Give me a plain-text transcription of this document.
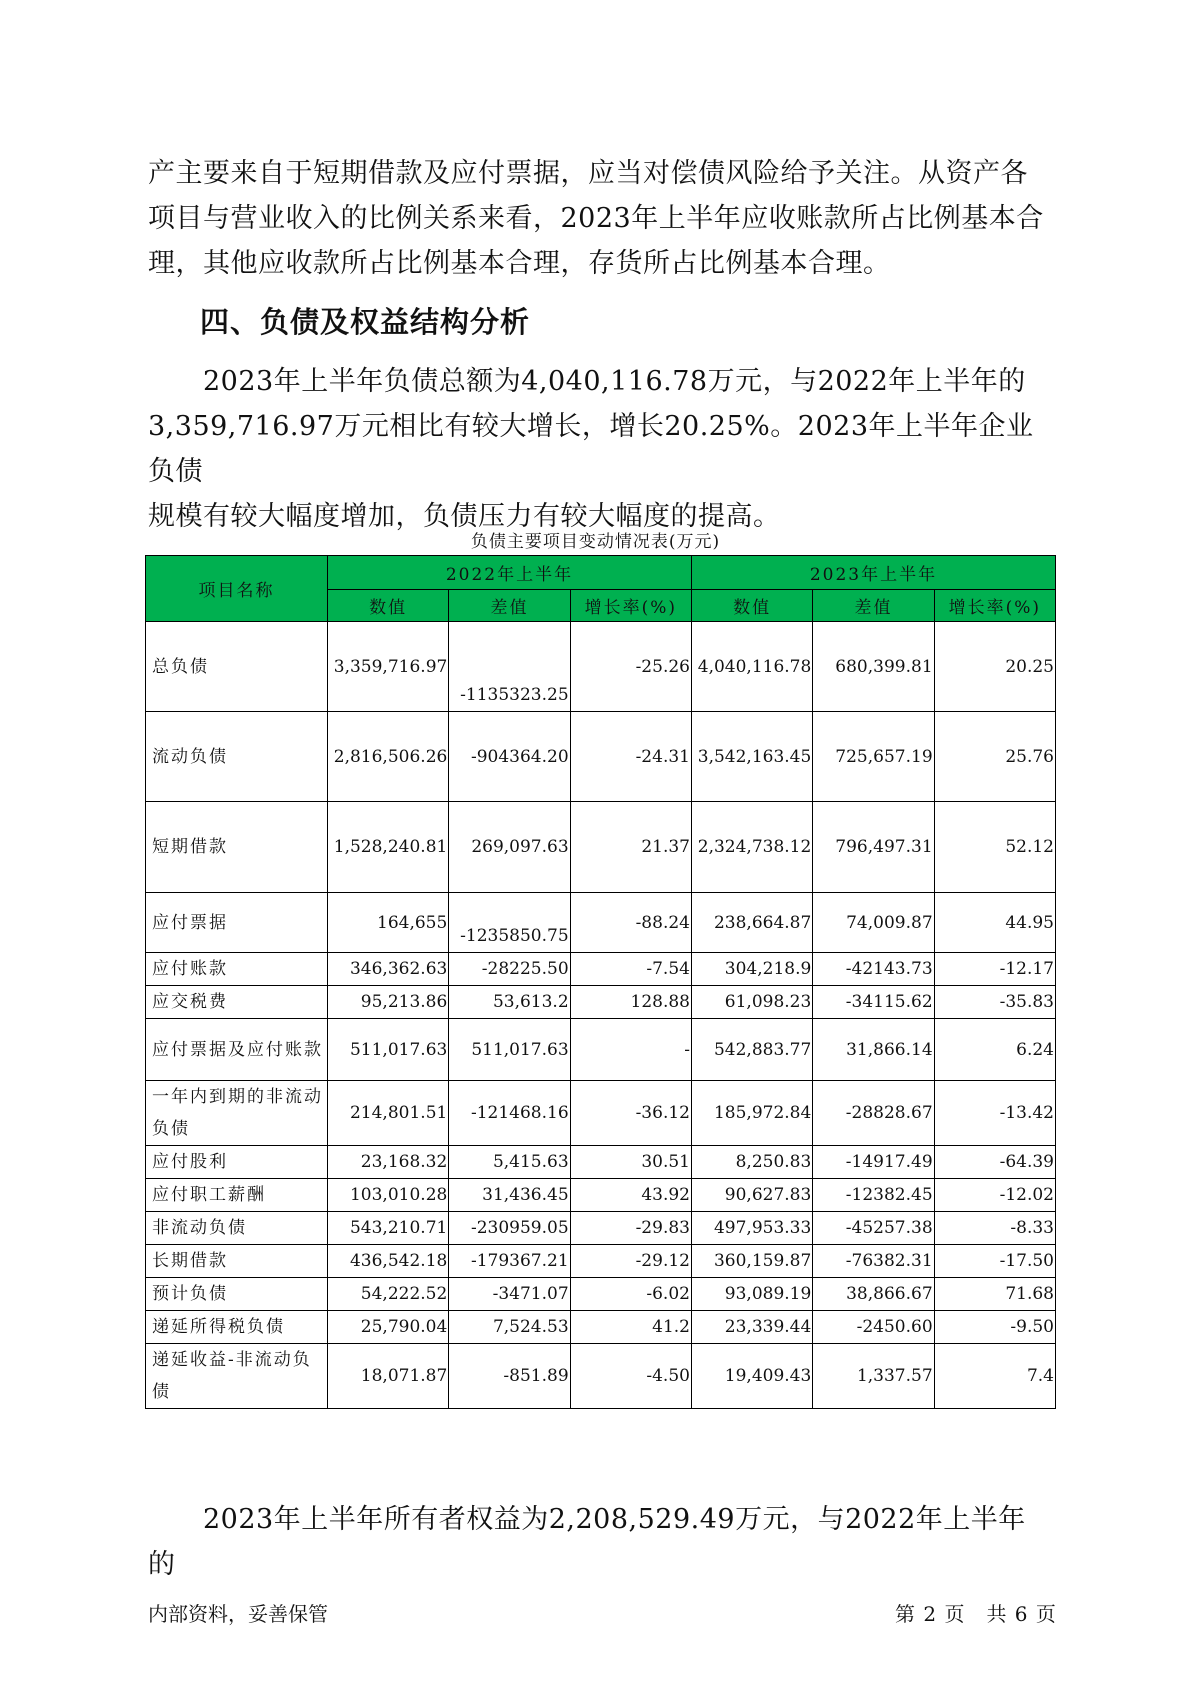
产主要来自于短期借款及应付票据，应当对偿债风险给予关注。从资产各

项目与营业收入的比例关系来看，2023年上半年应收账款所占比例基本合

理，其他应收款所占比例基本合理，存货所占比例基本合理。

四、负债及权益结构分析

　　2023年上半年负债总额为4,040,116.78万元，与2022年上半年的

3,359,716.97万元相比有较大增长，增长20.25%。2023年上半年企业负债

规模有较大幅度增加，负债压力有较大幅度的提高。

负债主要项目变动情况表(万元)
项目名称	2022年上半年			2023年上半年		
	数值	差值	增长率(%)	数值	差值	增长率(%)
总负债	3,359,716.97	-1135323.25	-25.26	4,040,116.78	680,399.81	20.25
流动负债	2,816,506.26	-904364.20	-24.31	3,542,163.45	725,657.19	25.76
短期借款	1,528,240.81	269,097.63	21.37	2,324,738.12	796,497.31	52.12
应付票据	164,655	-1235850.75	-88.24	238,664.87	74,009.87	44.95
应付账款	346,362.63	-28225.50	-7.54	304,218.9	-42143.73	-12.17
应交税费	95,213.86	53,613.2	128.88	61,098.23	-34115.62	-35.83
应付票据及应付账款	511,017.63	511,017.63	-	542,883.77	31,866.14	6.24
一年内到期的非流动负债	214,801.51	-121468.16	-36.12	185,972.84	-28828.67	-13.42
应付股利	23,168.32	5,415.63	30.51	8,250.83	-14917.49	-64.39
应付职工薪酬	103,010.28	31,436.45	43.92	90,627.83	-12382.45	-12.02
非流动负债	543,210.71	-230959.05	-29.83	497,953.33	-45257.38	-8.33
长期借款	436,542.18	-179367.21	-29.12	360,159.87	-76382.31	-17.50
预计负债	54,222.52	-3471.07	-6.02	93,089.19	38,866.67	71.68
递延所得税负债	25,790.04	7,524.53	41.2	23,339.44	-2450.60	-9.50
递延收益-非流动负债	18,071.87	-851.89	-4.50	19,409.43	1,337.57	7.4
　　2023年上半年所有者权益为2,208,529.49万元，与2022年上半年的
内部资料，妥善保管	第 2 页　共 6 页
